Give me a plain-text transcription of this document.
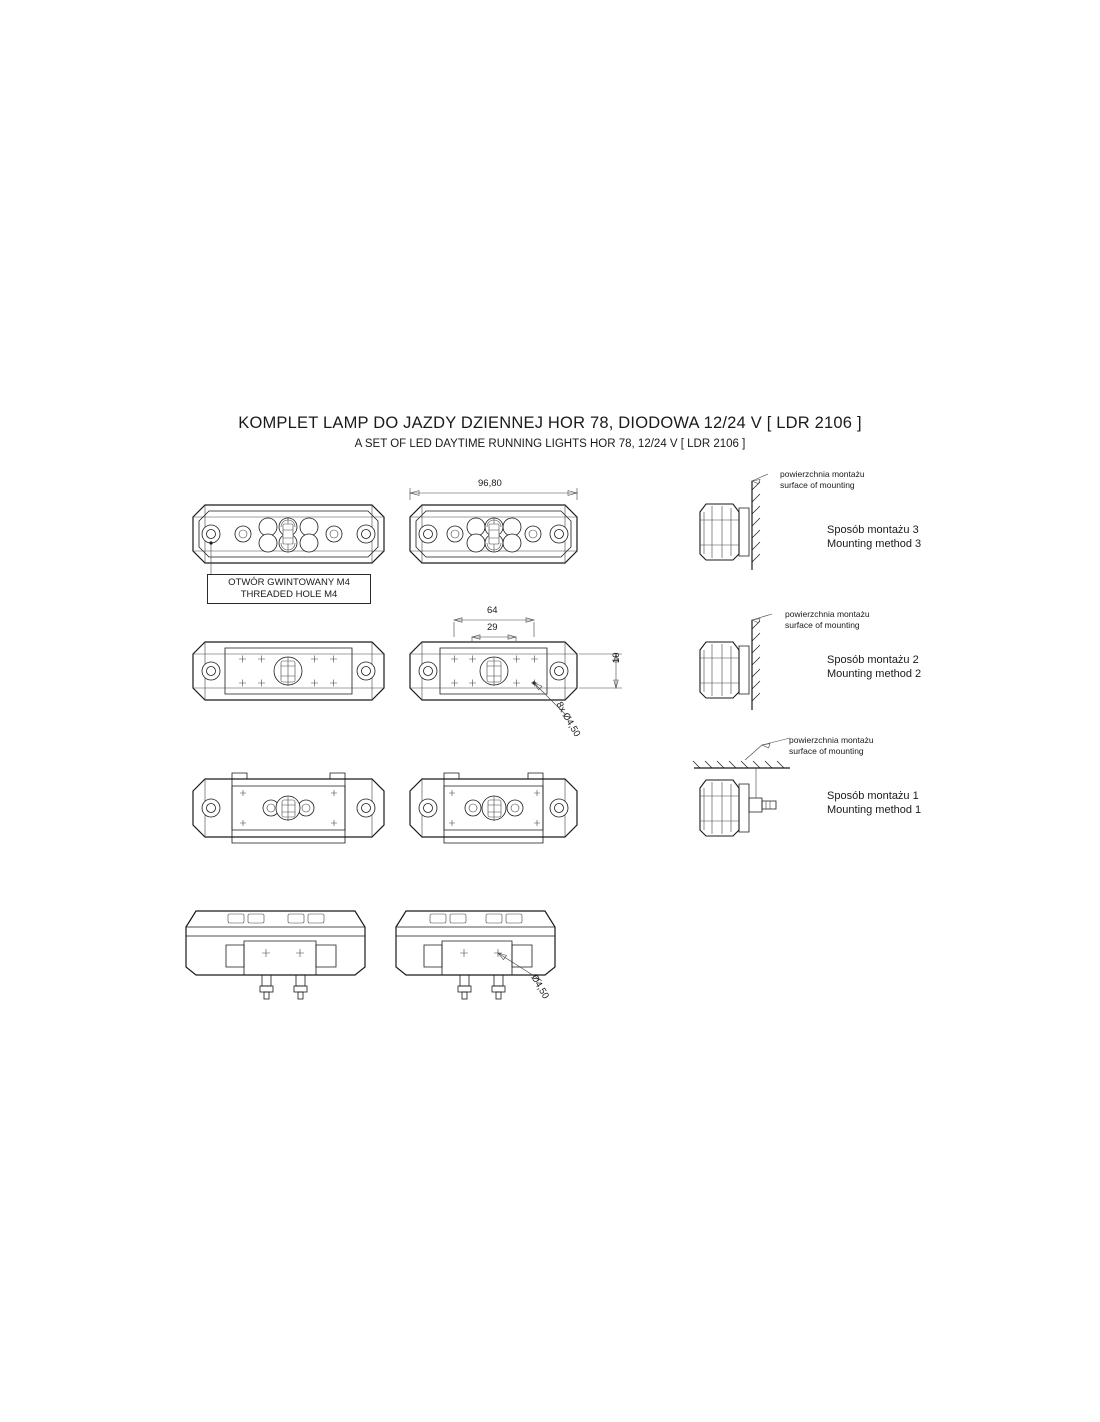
KOMPLET LAMP DO JAZDY DZIENNEJ HOR 78, DIODOWA 12/24 V [ LDR 2106 ]
A SET OF LED DAYTIME RUNNING LIGHTS HOR 78, 12/24 V [ LDR 2106 ]
OTWÓR GWINTOWANY M4
THREADED HOLE M4
96,80
64
29
10
8x Ø4,50
Ø4,50
powierzchnia montażu
surface of mounting
Sposób montażu 3
Mounting method 3
powierzchnia montażu
surface of mounting
Sposób montażu 2
Mounting method 2
powierzchnia montażu
surface of mounting
Sposób montażu 1
Mounting method 1
